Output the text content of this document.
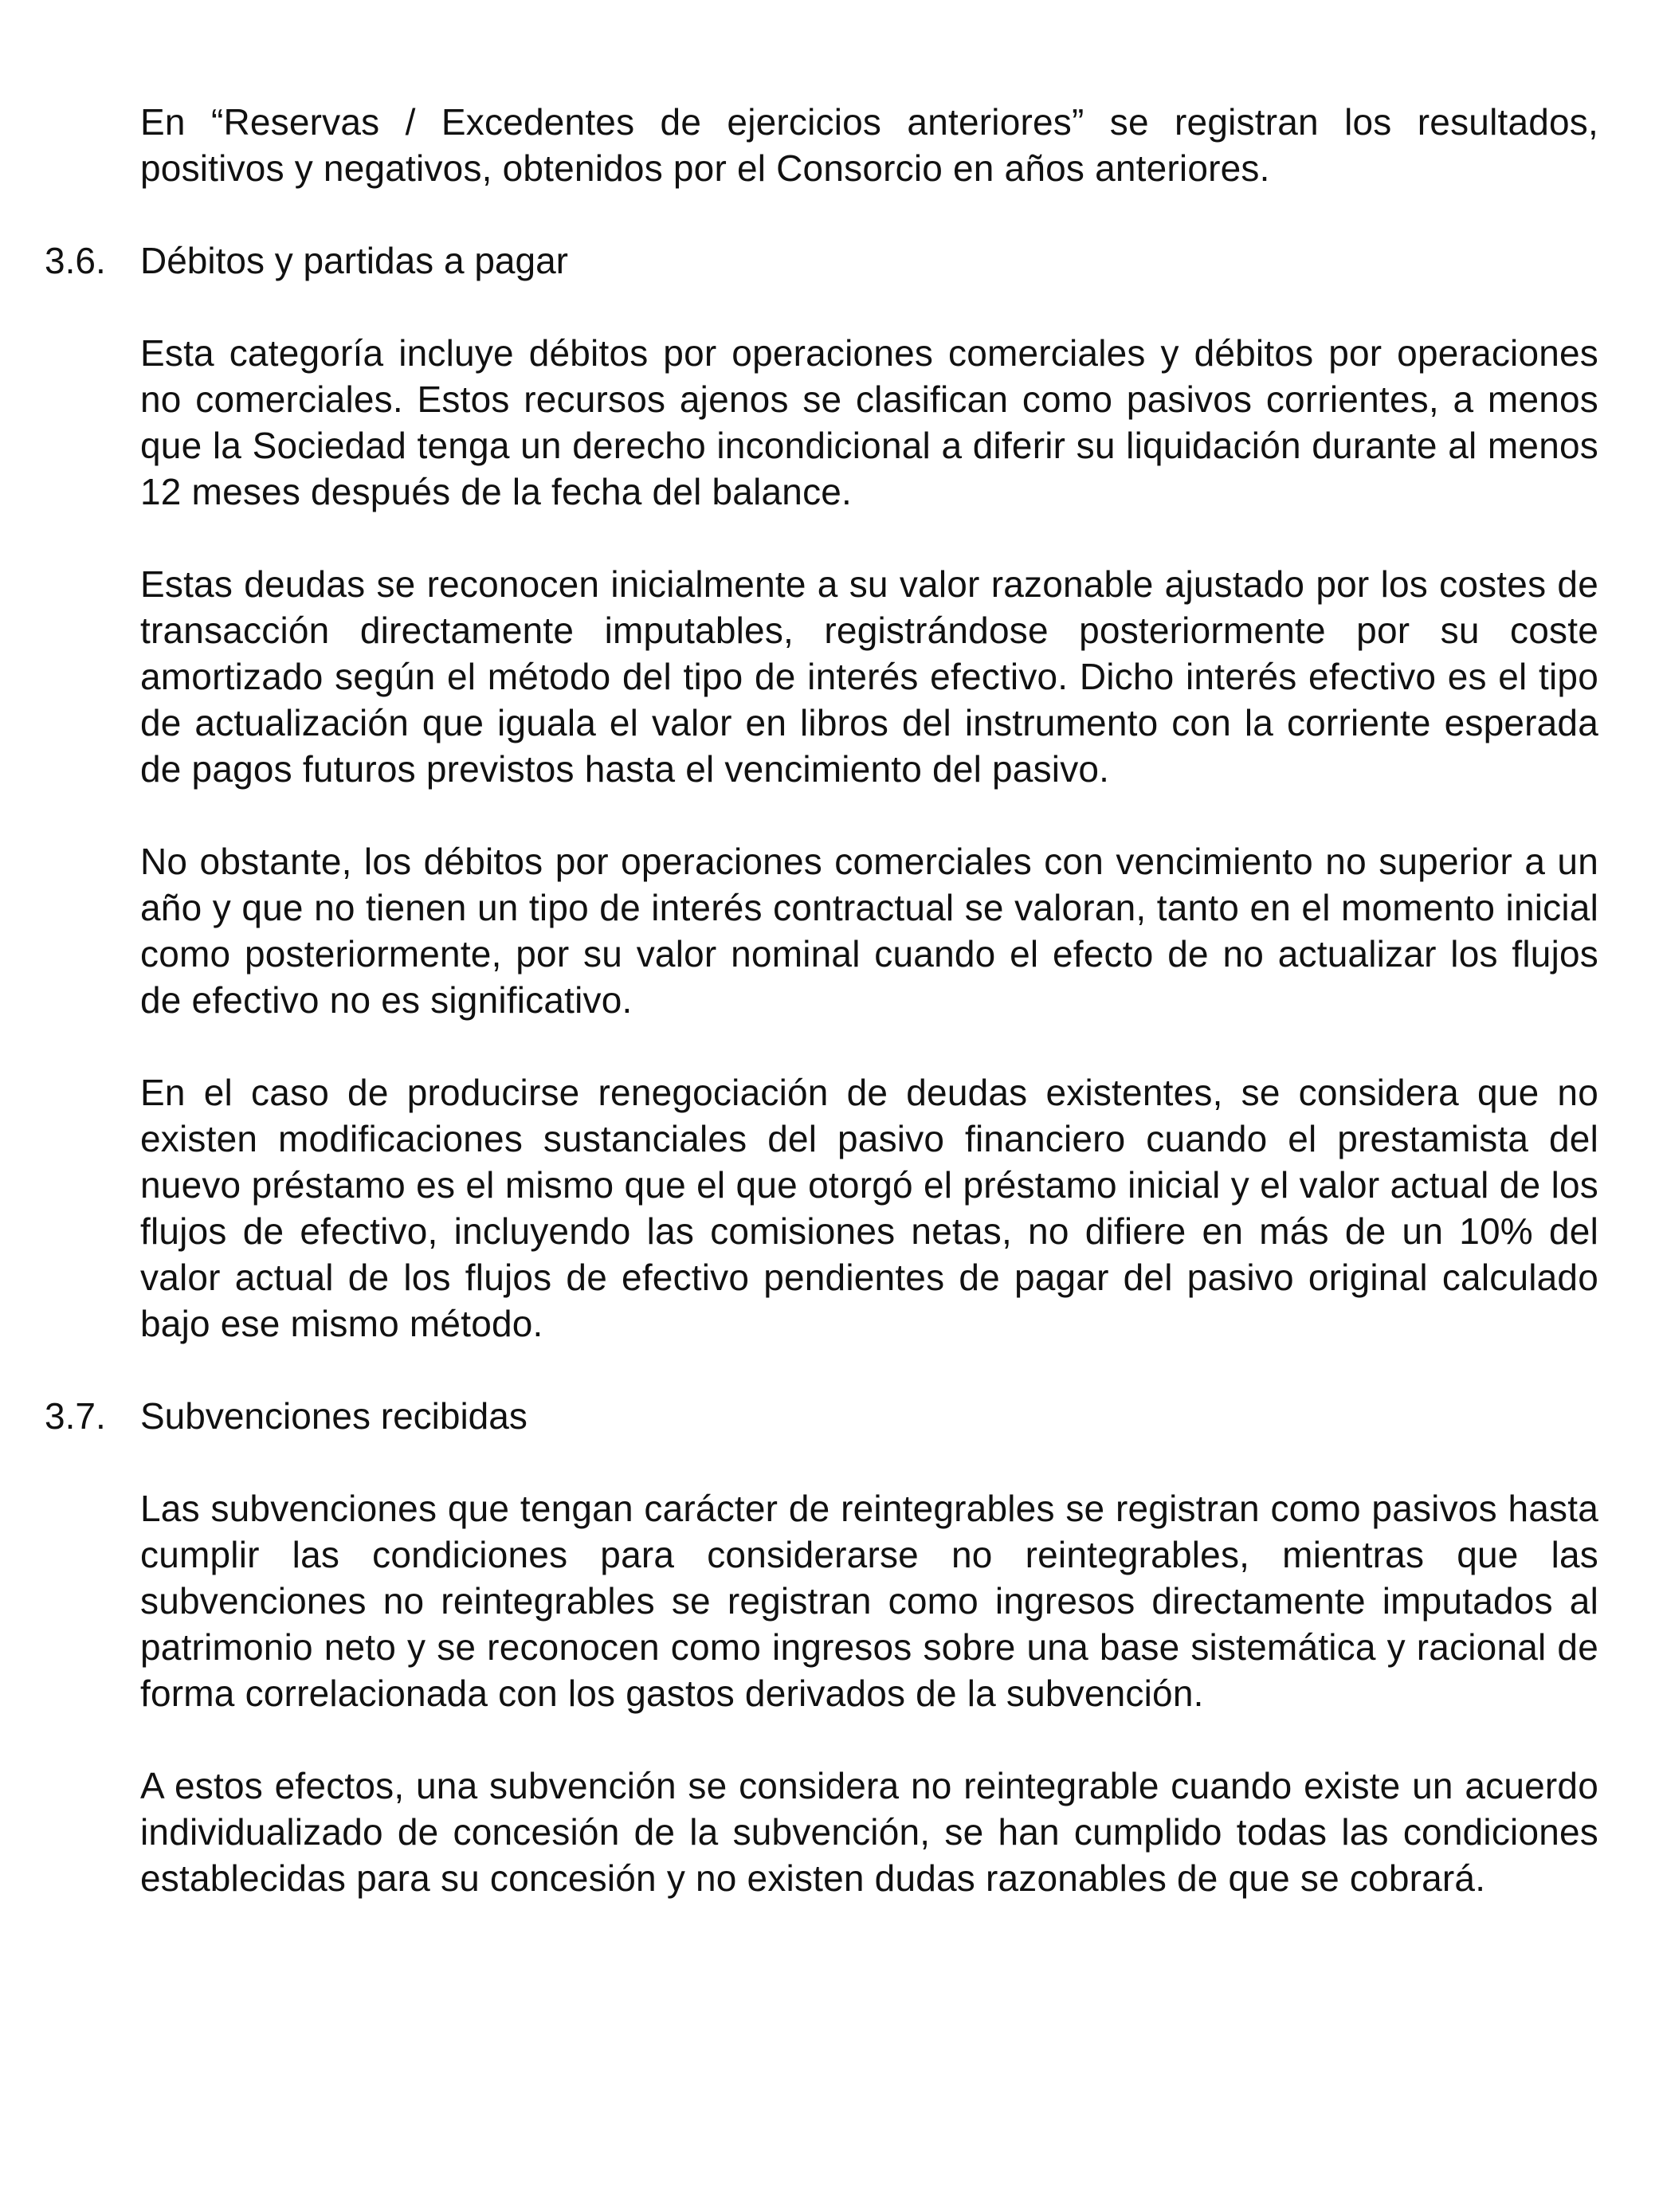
En “Reservas / Excedentes de ejercicios anteriores” se registran los resultados, positivos y negativos, obtenidos por el Consorcio en años anteriores.

3.6. Débitos y partidas a pagar

Esta categoría incluye débitos por operaciones comerciales y débitos por operaciones no comerciales. Estos recursos ajenos se clasifican como pasivos corrientes, a menos que la Sociedad tenga un derecho incondicional a diferir su liquidación durante al menos 12 meses después de la fecha del balance.

Estas deudas se reconocen inicialmente a su valor razonable ajustado por los costes de transacción directamente imputables, registrándose posteriormente por su coste amortizado según el método del tipo de interés efectivo. Dicho interés efectivo es el tipo de actualización que iguala el valor en libros del instrumento con la corriente esperada de pagos futuros previstos hasta el vencimiento del pasivo.

No obstante, los débitos por operaciones comerciales con vencimiento no superior a un año y que no tienen un tipo de interés contractual se valoran, tanto en el momento inicial como posteriormente, por su valor nominal cuando el efecto de no actualizar los flujos de efectivo no es significativo.

En el caso de producirse renegociación de deudas existentes, se considera que no existen modificaciones sustanciales del pasivo financiero cuando el prestamista del nuevo préstamo es el mismo que el que otorgó el préstamo inicial y el valor actual de los flujos de efectivo, incluyendo las comisiones netas, no difiere en más de un 10% del valor actual de los flujos de efectivo pendientes de pagar del pasivo original calculado bajo ese mismo método.

3.7. Subvenciones recibidas

Las subvenciones que tengan carácter de reintegrables se registran como pasivos hasta cumplir las condiciones para considerarse no reintegrables, mientras que las subvenciones no reintegrables se registran como ingresos directamente imputados al patrimonio neto y se reconocen como ingresos sobre una base sistemática y racional de forma correlacionada con los gastos derivados de la subvención.

A estos efectos, una subvención se considera no reintegrable cuando existe un acuerdo individualizado de concesión de la subvención, se han cumplido todas las condiciones establecidas para su concesión y no existen dudas razonables de que se cobrará.
